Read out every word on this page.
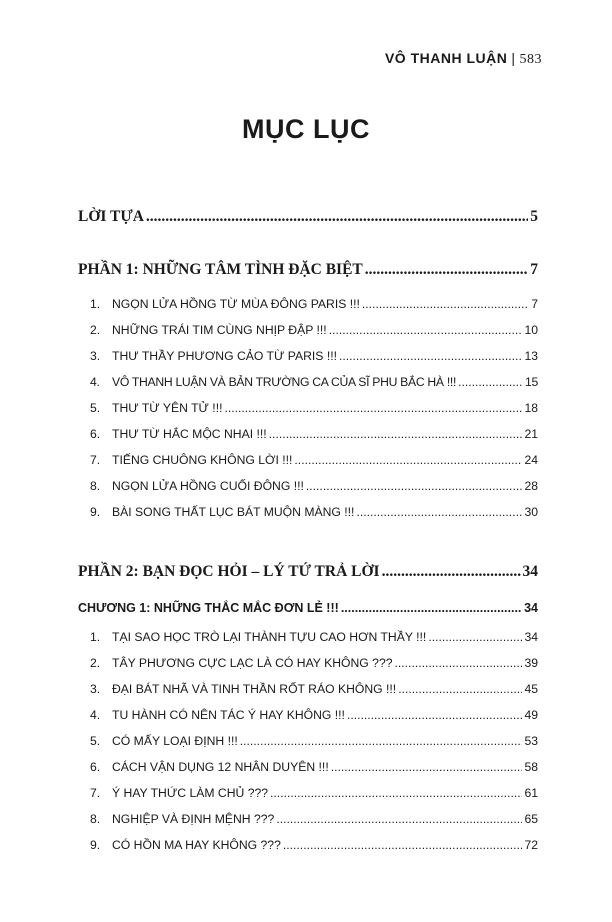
VÔ THANH LUẬN | 583
MỤC LỤC
LỜI TỰA .....	5
PHẦN 1: NHỮNG TÂM TÌNH ĐẶC BIỆT .....	7
1. NGỌN LỬA HỒNG TỪ MÙA ĐÔNG PARIS !!! .....	7
2. NHỮNG TRÁI TIM CÙNG NHỊP ĐẬP !!! .....	10
3. THƯ THẦY PHƯƠNG CẢO TỪ PARIS !!! .....	13
4. VÔ THANH LUẬN VÀ BẢN TRƯỜNG CA CỦA SĨ PHU BẮC HÀ !!! .....	15
5. THƯ TỪ YÊN TỬ !!! .....	18
6. THƯ TỪ HẮC MỘC NHAI !!! .....	21
7. TIẾNG CHUÔNG KHÔNG LỜI !!! .....	24
8. NGỌN LỬA HỒNG CUỐI ĐÔNG !!! .....	28
9. BÀI SONG THẤT LỤC BÁT MUỘN MÀNG !!! .....	30
PHẦN 2: BẠN ĐỌC HỎI – LÝ TỨ TRẢ LỜI .....	34
CHƯƠNG 1: NHỮNG THẮC MẮC ĐƠN LẺ !!! .....	34
1. TẠI SAO HỌC TRÒ LẠI THÀNH TỰU CAO HƠN THẦY !!! .....	34
2. TÂY PHƯƠNG CỰC LẠC LÀ CÓ HAY KHÔNG ??? .....	39
3. ĐẠI BÁT NHÃ VÀ TINH THẦN RỐT RÁO KHÔNG !!! .....	45
4. TU HÀNH CÓ NÊN TÁC Ý HAY KHÔNG !!! .....	49
5. CÓ MẤY LOẠI ĐỊNH !!! .....	53
6. CÁCH VẬN DỤNG 12 NHÂN DUYÊN !!! .....	58
7. Ý HAY THỨC LÀM CHỦ ??? .....	61
8. NGHIỆP VÀ ĐỊNH MỆNH ??? .....	65
9. CÓ HỒN MA HAY KHÔNG ??? .....	72
